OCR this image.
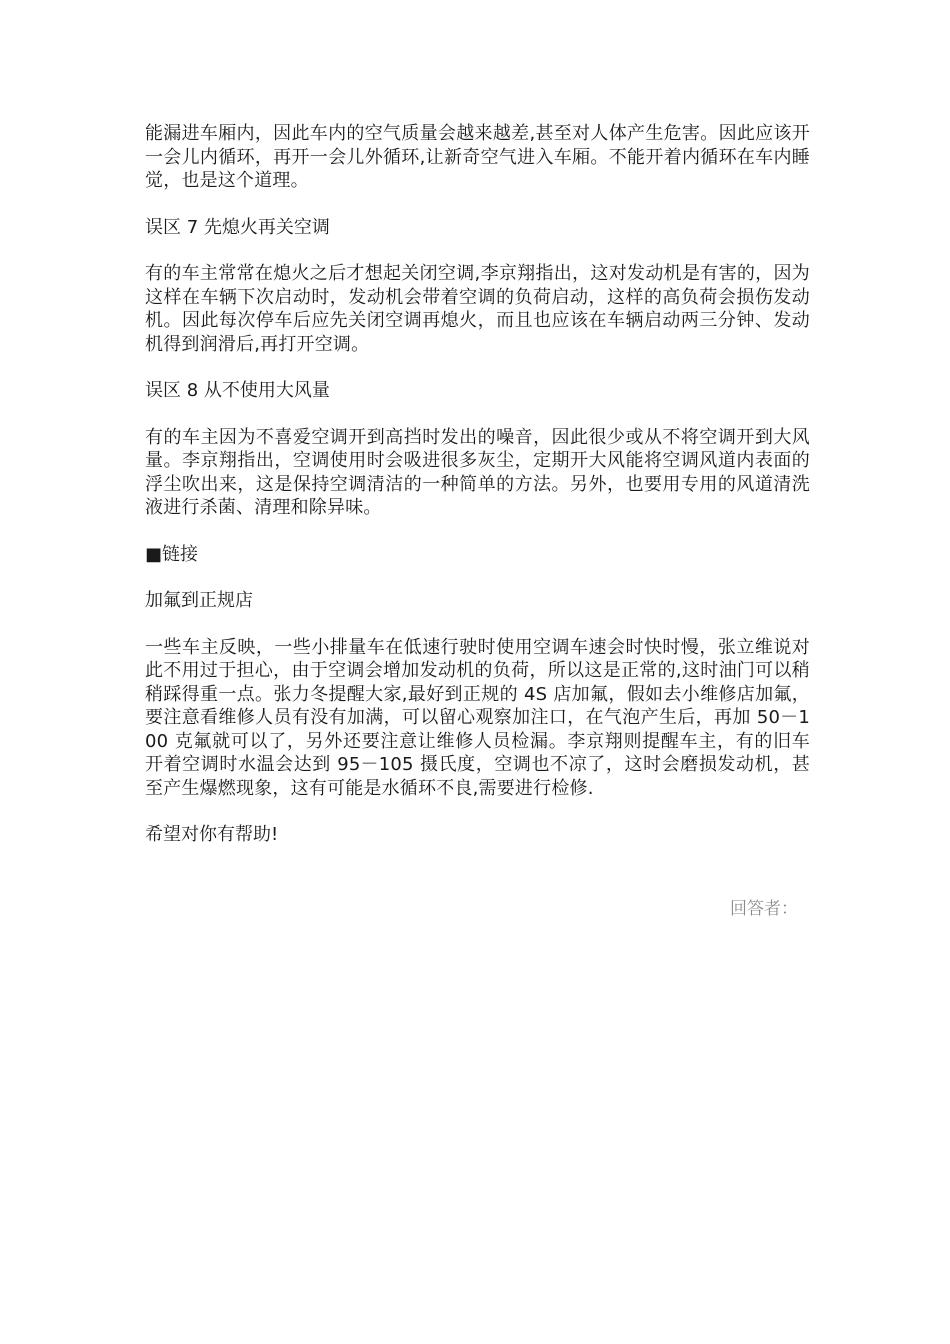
能漏进车厢内，因此车内的空气质量会越来越差,甚至对人体产生危害。因此应该开一会儿内循环，再开一会儿外循环,让新奇空气进入车厢。不能开着内循环在车内睡觉，也是这个道理。

误区 7 先熄火再关空调

有的车主常常在熄火之后才想起关闭空调,李京翔指出，这对发动机是有害的，因为这样在车辆下次启动时，发动机会带着空调的负荷启动，这样的高负荷会损伤发动机。因此每次停车后应先关闭空调再熄火，而且也应该在车辆启动两三分钟、发动机得到润滑后,再打开空调。

误区 8 从不使用大风量

有的车主因为不喜爱空调开到高挡时发出的噪音，因此很少或从不将空调开到大风量。李京翔指出，空调使用时会吸进很多灰尘，定期开大风能将空调风道内表面的浮尘吹出来，这是保持空调清洁的一种简单的方法。另外，也要用专用的风道清洗液进行杀菌、清理和除异味。

■链接

加氟到正规店

一些车主反映，一些小排量车在低速行驶时使用空调车速会时快时慢，张立维说对此不用过于担心，由于空调会增加发动机的负荷，所以这是正常的,这时油门可以稍稍踩得重一点。张力冬提醒大家,最好到正规的 4S 店加氟，假如去小维修店加氟，要注意看维修人员有没有加满，可以留心观察加注口，在气泡产生后，再加 50－100 克氟就可以了，另外还要注意让维修人员检漏。李京翔则提醒车主，有的旧车开着空调时水温会达到 95－105 摄氏度，空调也不凉了，这时会磨损发动机，甚至产生爆燃现象，这有可能是水循环不良,需要进行检修.

希望对你有帮助!

回答者：
